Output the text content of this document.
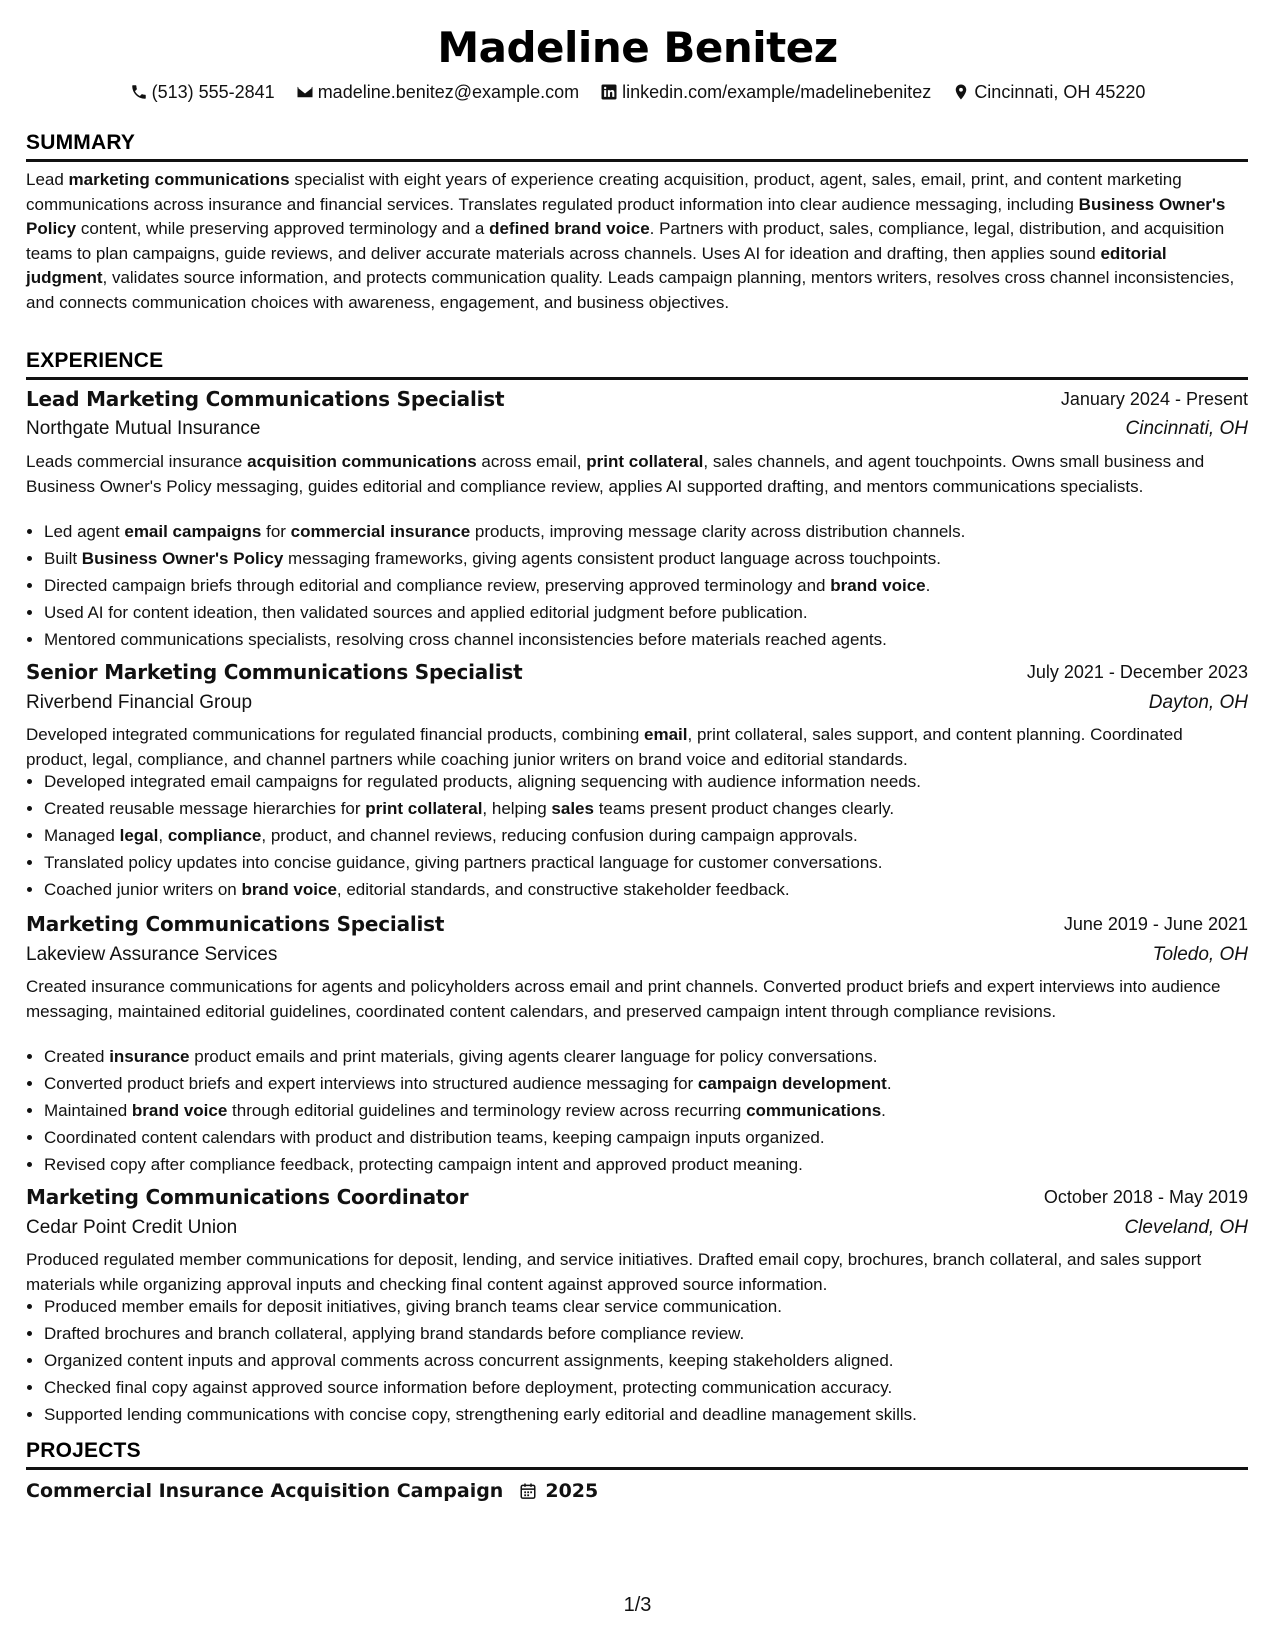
Madeline Benitez
(513) 555-2841
madeline.benitez@example.com
linkedin.com/example/madelinebenitez
Cincinnati, OH 45220
SUMMARY
Lead marketing communications specialist with eight years of experience creating acquisition, product, agent, sales, email, print, and content marketing communications across insurance and financial services. Translates regulated product information into clear audience messaging, including Business Owner's Policy content, while preserving approved terminology and a defined brand voice. Partners with product, sales, compliance, legal, distribution, and acquisition teams to plan campaigns, guide reviews, and deliver accurate materials across channels. Uses AI for ideation and drafting, then applies sound editorial judgment, validates source information, and protects communication quality. Leads campaign planning, mentors writers, resolves cross channel inconsistencies, and connects communication choices with awareness, engagement, and business objectives.
EXPERIENCE
Lead Marketing Communications Specialist	January 2024 - Present
Northgate Mutual Insurance	Cincinnati, OH
Leads commercial insurance acquisition communications across email, print collateral, sales channels, and agent touchpoints. Owns small business and Business Owner's Policy messaging, guides editorial and compliance review, applies AI supported drafting, and mentors communications specialists.
• Led agent email campaigns for commercial insurance products, improving message clarity across distribution channels.
• Built Business Owner's Policy messaging frameworks, giving agents consistent product language across touchpoints.
• Directed campaign briefs through editorial and compliance review, preserving approved terminology and brand voice.
• Used AI for content ideation, then validated sources and applied editorial judgment before publication.
• Mentored communications specialists, resolving cross channel inconsistencies before materials reached agents.
Senior Marketing Communications Specialist	July 2021 - December 2023
Riverbend Financial Group	Dayton, OH
Developed integrated communications for regulated financial products, combining email, print collateral, sales support, and content planning. Coordinated product, legal, compliance, and channel partners while coaching junior writers on brand voice and editorial standards.
• Developed integrated email campaigns for regulated products, aligning sequencing with audience information needs.
• Created reusable message hierarchies for print collateral, helping sales teams present product changes clearly.
• Managed legal, compliance, product, and channel reviews, reducing confusion during campaign approvals.
• Translated policy updates into concise guidance, giving partners practical language for customer conversations.
• Coached junior writers on brand voice, editorial standards, and constructive stakeholder feedback.
Marketing Communications Specialist	June 2019 - June 2021
Lakeview Assurance Services	Toledo, OH
Created insurance communications for agents and policyholders across email and print channels. Converted product briefs and expert interviews into audience messaging, maintained editorial guidelines, coordinated content calendars, and preserved campaign intent through compliance revisions.
• Created insurance product emails and print materials, giving agents clearer language for policy conversations.
• Converted product briefs and expert interviews into structured audience messaging for campaign development.
• Maintained brand voice through editorial guidelines and terminology review across recurring communications.
• Coordinated content calendars with product and distribution teams, keeping campaign inputs organized.
• Revised copy after compliance feedback, protecting campaign intent and approved product meaning.
Marketing Communications Coordinator	October 2018 - May 2019
Cedar Point Credit Union	Cleveland, OH
Produced regulated member communications for deposit, lending, and service initiatives. Drafted email copy, brochures, branch collateral, and sales support materials while organizing approval inputs and checking final content against approved source information.
• Produced member emails for deposit initiatives, giving branch teams clear service communication.
• Drafted brochures and branch collateral, applying brand standards before compliance review.
• Organized content inputs and approval comments across concurrent assignments, keeping stakeholders aligned.
• Checked final copy against approved source information before deployment, protecting communication accuracy.
• Supported lending communications with concise copy, strengthening early editorial and deadline management skills.
PROJECTS
Commercial Insurance Acquisition Campaign 2025
1/3
